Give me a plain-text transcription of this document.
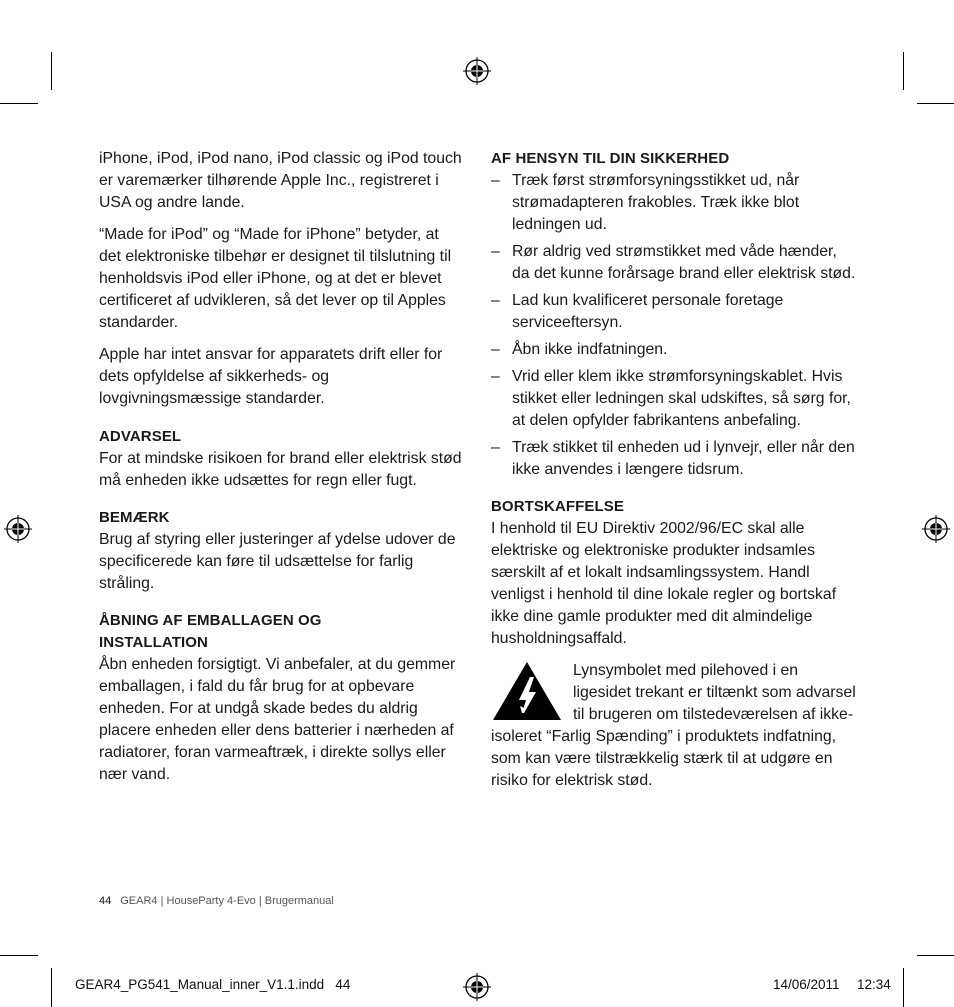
iPhone, iPod, iPod nano, iPod classic og iPod touch er varemærker tilhørende Apple Inc., registreret i USA og andre lande.

“Made for iPod” og “Made for iPhone” betyder, at det elektroniske tilbehør er designet til tilslutning til henholdsvis iPod eller iPhone, og at det er blevet certificeret af udvikleren, så det lever op til Apples standarder.

Apple har intet ansvar for apparatets drift eller for dets opfyldelse af sikkerheds- og lovgivningsmæssige standarder.

ADVARSEL

For at mindske risikoen for brand eller elektrisk stød må enheden ikke udsættes for regn eller fugt.

BEMÆRK

Brug af styring eller justeringer af ydelse udover de specificerede kan føre til udsættelse for farlig stråling.

ÅBNING AF EMBALLAGEN OG
INSTALLATION

Åbn enheden forsigtigt. Vi anbefaler, at du gemmer emballagen, i fald du får brug for at opbevare enheden. For at undgå skade bedes du aldrig placere enheden eller dens batterier i nærheden af radiatorer, foran varmeaftræk, i direkte sollys eller nær vand.

AF HENSYN TIL DIN SIKKERHED
– Træk først strømforsyningsstikket ud, når strømadapteren frakobles. Træk ikke blot ledningen ud.
– Rør aldrig ved strømstikket med våde hænder, da det kunne forårsage brand eller elektrisk stød.
– Lad kun kvalificeret personale foretage serviceeftersyn.
– Åbn ikke indfatningen.
– Vrid eller klem ikke strømforsyningskablet. Hvis stikket eller ledningen skal udskiftes, så sørg for, at delen opfylder fabrikantens anbefaling.
– Træk stikket til enheden ud i lynvejr, eller når den ikke anvendes i længere tidsrum.
BORTSKAFFELSE

I henhold til EU Direktiv 2002/96/EC skal alle elektriske og elektroniske produkter indsamles særskilt af et lokalt indsamlingssystem. Handl venligst i henhold til dine lokale regler og bortskaf ikke dine gamle produkter med dit almindelige husholdningsaffald.

Lynsymbolet med pilehoved i en ligesidet trekant er tiltænkt som advarsel til brugeren om tilstedeværelsen af ikke-isoleret “Farlig Spænding” i produktets indfatning, som kan være tilstrækkelig stærk til at udgøre en risiko for elektrisk stød.

44 GEAR4 | HouseParty 4-Evo | Brugermanual
GEAR4_PG541_Manual_inner_V1.1.indd   44	14/06/2011 12:34
